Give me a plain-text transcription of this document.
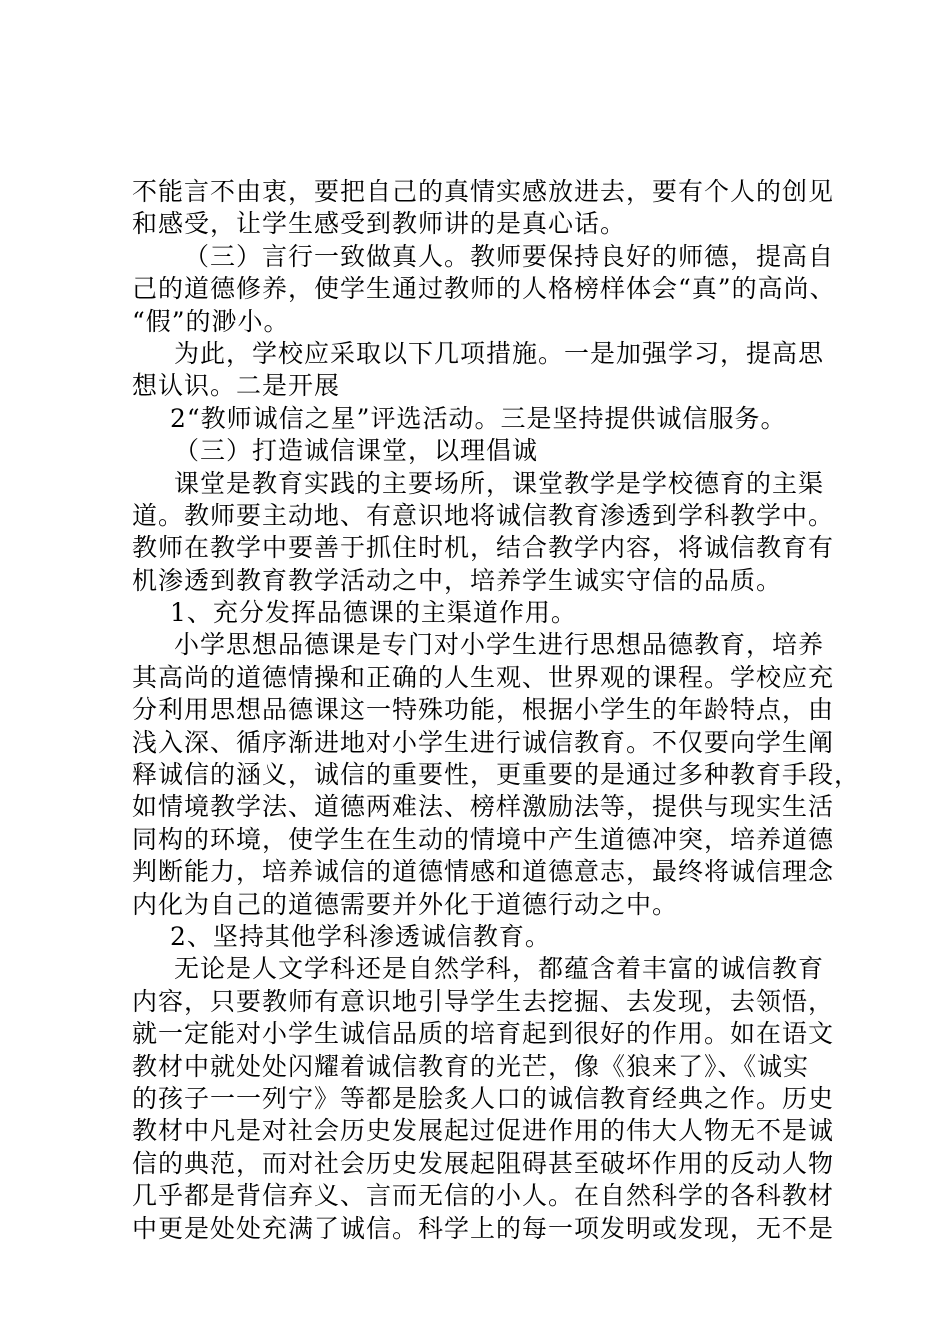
不能言不由衷，要把自己的真情实感放进去，要有个人的创见
和感受，让学生感受到教师讲的是真心话。
（三）言行一致做真人。教师要保持良好的师德，提高自
己的道德修养，使学生通过教师的人格榜样体会“真”的高尚、
“假”的渺小。
为此，学校应采取以下几项措施。一是加强学习，提高思
想认识。二是开展
2“教师诚信之星”评选活动。三是坚持提供诚信服务。
（三）打造诚信课堂，以理倡诚
课堂是教育实践的主要场所，课堂教学是学校德育的主渠
道。教师要主动地、有意识地将诚信教育渗透到学科教学中。
教师在教学中要善于抓住时机，结合教学内容，将诚信教育有
机渗透到教育教学活动之中，培养学生诚实守信的品质。
1、充分发挥品德课的主渠道作用。
小学思想品德课是专门对小学生进行思想品德教育，培养
其高尚的道德情操和正确的人生观、世界观的课程。学校应充
分利用思想品德课这一特殊功能，根据小学生的年龄特点，由
浅入深、循序渐进地对小学生进行诚信教育。不仅要向学生阐
释诚信的涵义，诚信的重要性，更重要的是通过多种教育手段，
如情境教学法、道德两难法、榜样激励法等，提供与现实生活
同构的环境，使学生在生动的情境中产生道德冲突，培养道德
判断能力，培养诚信的道德情感和道德意志，最终将诚信理念
内化为自己的道德需要并外化于道德行动之中。
2、坚持其他学科渗透诚信教育。
无论是人文学科还是自然学科，都蕴含着丰富的诚信教育
内容，只要教师有意识地引导学生去挖掘、去发现，去领悟，
就一定能对小学生诚信品质的培育起到很好的作用。如在语文
教材中就处处闪耀着诚信教育的光芒，像《狼来了》、《诚实
的孩子一一列宁》等都是脍炙人口的诚信教育经典之作。历史
教材中凡是对社会历史发展起过促进作用的伟大人物无不是诚
信的典范，而对社会历史发展起阻碍甚至破坏作用的反动人物
几乎都是背信弃义、言而无信的小人。在自然科学的各科教材
中更是处处充满了诚信。科学上的每一项发明或发现，无不是
